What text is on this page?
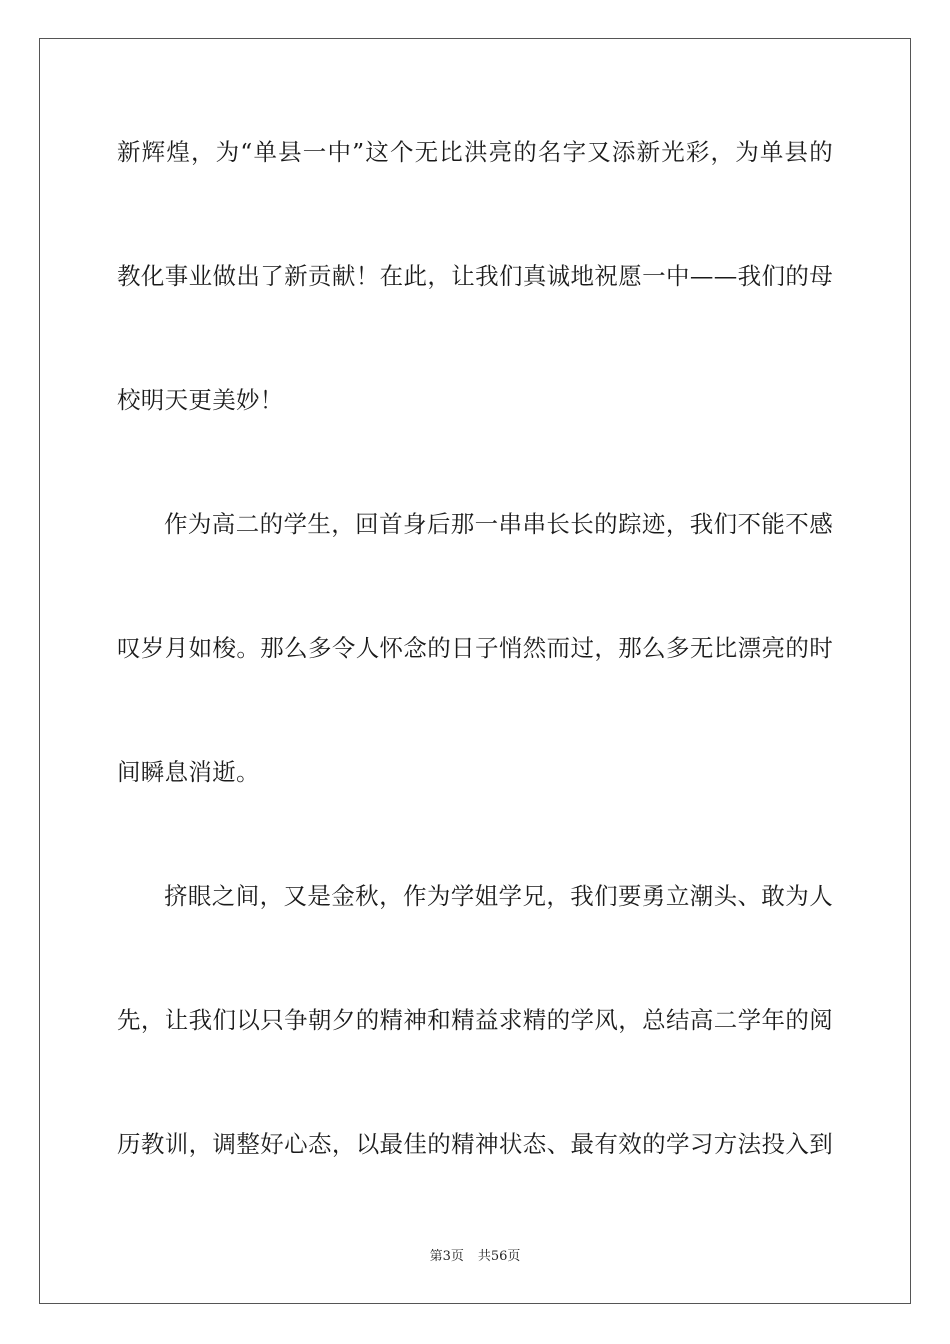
新辉煌，为“单县一中”这个无比洪亮的名字又添新光彩，为单县的
教化事业做出了新贡献！在此，让我们真诚地祝愿一中——我们的母
校明天更美妙！
作为高二的学生，回首身后那一串串长长的踪迹，我们不能不感
叹岁月如梭。那么多令人怀念的日子悄然而过，那么多无比漂亮的时
间瞬息消逝。
挤眼之间，又是金秋，作为学姐学兄，我们要勇立潮头、敢为人
先，让我们以只争朝夕的精神和精益求精的学风，总结高二学年的阅
历教训，调整好心态，以最佳的精神状态、最有效的学习方法投入到
第3页 共56页
